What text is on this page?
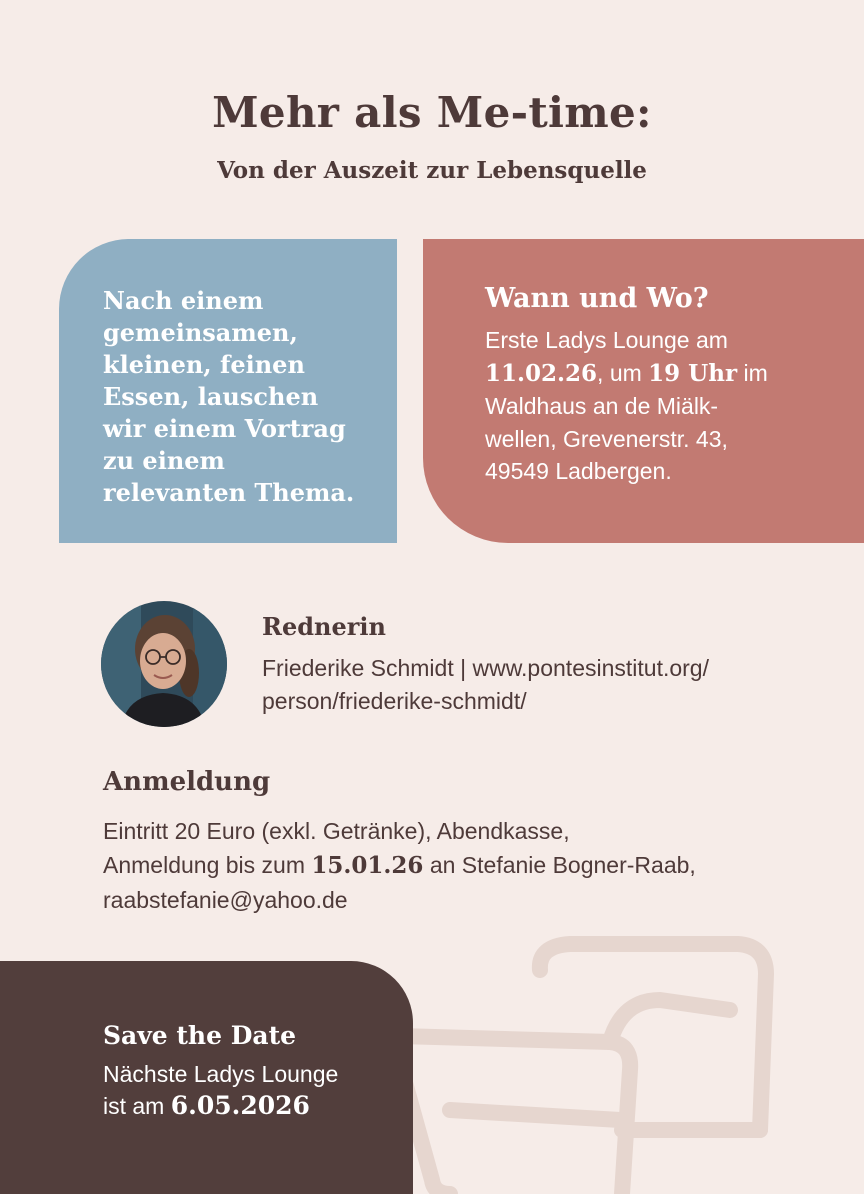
Mehr als Me-time:
Von der Auszeit zur Lebensquelle

Nach einem gemeinsamen, kleinen, feinen Essen, lauschen wir einem Vortrag zu einem relevanten Thema.

Wann und Wo?

Erste Ladys Lounge am
11.02.26, um 19 Uhr im
Waldhaus an de Miälk-
wellen, Grevenerstr. 43,
49549 Ladbergen.

Rednerin

Friederike Schmidt | www.pontesinstitut.org/
person/friederike-schmidt/

Anmeldung

Eintritt 20 Euro (exkl. Getränke), Abendkasse,
Anmeldung bis zum 15.01.26 an Stefanie Bogner-Raab,
raabstefanie@yahoo.de

Save the Date

Nächste Ladys Lounge
ist am 6.05.2026
